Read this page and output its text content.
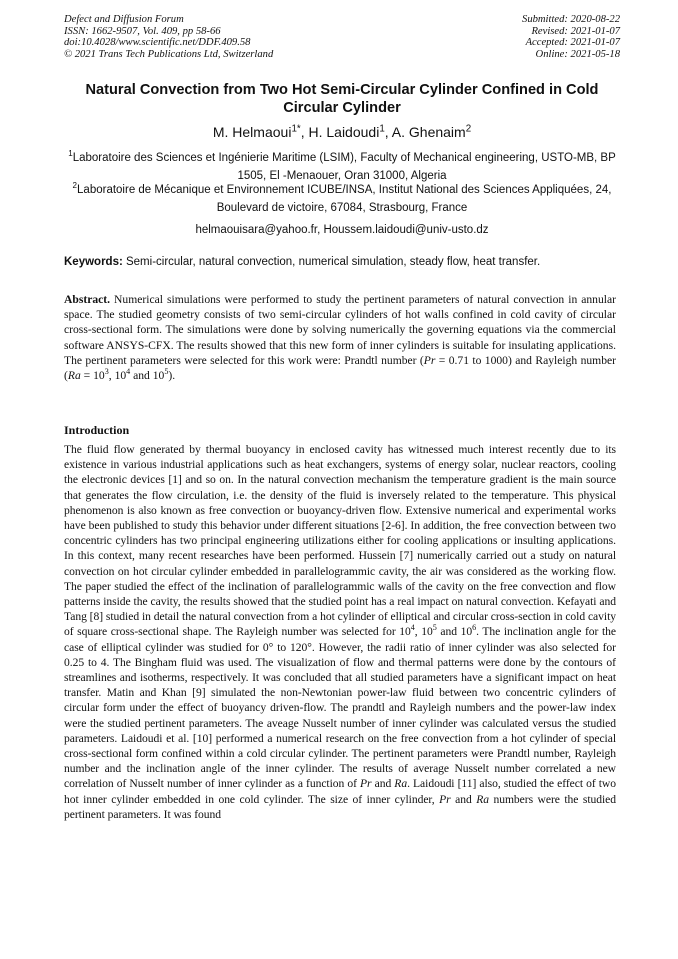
Defect and Diffusion Forum
ISSN: 1662-9507, Vol. 409, pp 58-66
doi:10.4028/www.scientific.net/DDF.409.58
© 2021 Trans Tech Publications Ltd, Switzerland
Submitted: 2020-08-22
Revised: 2021-01-07
Accepted: 2021-01-07
Online: 2021-05-18
Natural Convection from Two Hot Semi-Circular Cylinder Confined in Cold Circular Cylinder
M. Helmaoui$^{1*}$, H. Laidoudi$^1$, A. Ghenaim$^2$
$^1$Laboratoire des Sciences et Ingénierie Maritime (LSIM), Faculty of Mechanical engineering, USTO-MB, BP 1505, El -Menaouer, Oran 31000, Algeria
$^2$Laboratoire de Mécanique et Environnement ICUBE/INSA, Institut National des Sciences Appliquées, 24, Boulevard de victoire, 67084, Strasbourg, France
helmaouisara@yahoo.fr, Houssem.laidoudi@univ-usto.dz
Keywords: Semi-circular, natural convection, numerical simulation, steady flow, heat transfer.
Abstract. Numerical simulations were performed to study the pertinent parameters of natural convection in annular space. The studied geometry consists of two semi-circular cylinders of hot walls confined in cold cavity of circular cross-sectional form. The simulations were done by solving numerically the governing equations via the commercial software ANSYS-CFX. The results showed that this new form of inner cylinders is suitable for insulating applications. The pertinent parameters were selected for this work were: Prandtl number (Pr = 0.71 to 1000) and Rayleigh number ($Ra = 10^3$, $10^4$ and $10^5$).
Introduction
The fluid flow generated by thermal buoyancy in enclosed cavity has witnessed much interest recently due to its existence in various industrial applications such as heat exchangers, systems of energy solar, nuclear reactors, cooling the electronic devices [1] and so on. In the natural convection mechanism the temperature gradient is the main source that generates the flow circulation, i.e. the density of the fluid is inversely related to the temperature. This physical phenomenon is also known as free convection or buoyancy-driven flow. Extensive numerical and experimental works have been published to study this behavior under different situations [2-6]. In addition, the free convection between two concentric cylinders has two principal engineering utilizations either for cooling applications or insulting applications. In this context, many recent researches have been performed. Hussein [7] numerically carried out a study on natural convection on hot circular cylinder embedded in parallelogrammic cavity, the air was considered as the working flow. The paper studied the effect of the inclination of parallelogrammic walls of the cavity on the free convection and flow patterns inside the cavity, the results showed that the studied point has a real impact on natural convection. Kefayati and Tang [8] studied in detail the natural convection from a hot cylinder of elliptical and circular cross-section in cold cavity of square cross-sectional shape. The Rayleigh number was selected for $10^4$, $10^5$ and $10^6$. The inclination angle for the case of elliptical cylinder was studied for 0° to 120°. However, the radii ratio of inner cylinder was also selected for 0.25 to 4. The Bingham fluid was used. The visualization of flow and thermal patterns were done by the contours of streamlines and isotherms, respectively. It was concluded that all studied parameters have a significant impact on heat transfer. Matin and Khan [9] simulated the non-Newtonian power-law fluid between two concentric cylinders of circular form under the effect of buoyancy driven-flow. The prandtl and Rayleigh numbers and the power-law index were the studied pertinent parameters. The aveage Nusselt number of inner cylinder was calculated versus the studied parameters. Laidoudi et al. [10] performed a numerical research on the free convection from a hot cylinder of special cross-sectional form confined within a cold circular cylinder. The pertinent parameters were Prandtl number, Rayleigh number and the inclination angle of the inner cylinder. The results of average Nusselt number correlated a new correlation of Nusselt number of inner cylinder as a function of Pr and Ra. Laidoudi [11] also, studied the effect of two hot inner cylinder embedded in one cold cylinder. The size of inner cylinder, Pr and Ra numbers were the studied pertinent parameters. It was found
